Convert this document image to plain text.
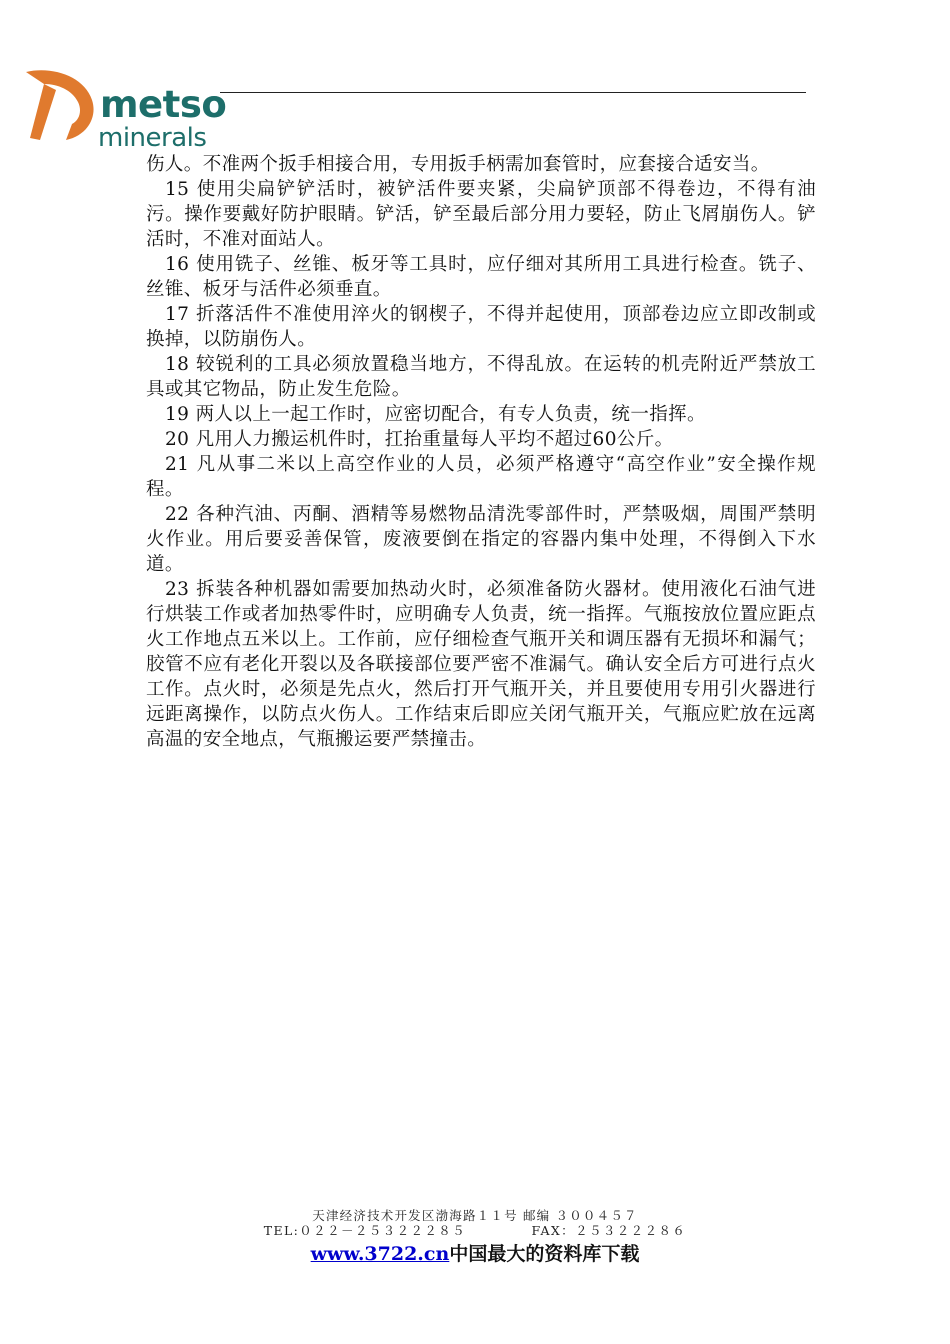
metso
minerals

伤人。不准两个扳手相接合用，专用扳手柄需加套管时，应套接合适安当。

15 使用尖扁铲铲活时，被铲活件要夹紧，尖扁铲顶部不得卷边，不得有油污。操作要戴好防护眼睛。铲活，铲至最后部分用力要轻，防止飞屑崩伤人。铲活时，不准对面站人。

16 使用铣子、丝锥、板牙等工具时，应仔细对其所用工具进行检查。铣子、丝锥、板牙与活件必须垂直。

17 折落活件不准使用淬火的钢楔子，不得并起使用，顶部卷边应立即改制或换掉，以防崩伤人。

18 较锐利的工具必须放置稳当地方，不得乱放。在运转的机壳附近严禁放工具或其它物品，防止发生危险。

19 两人以上一起工作时，应密切配合，有专人负责，统一指挥。

20 凡用人力搬运机件时，扛抬重量每人平均不超过60公斤。

21 凡从事二米以上高空作业的人员，必须严格遵守“高空作业”安全操作规程。

22 各种汽油、丙酮、酒精等易燃物品清洗零部件时，严禁吸烟，周围严禁明火作业。用后要妥善保管，废液要倒在指定的容器内集中处理，不得倒入下水道。

23 拆装各种机器如需要加热动火时，必须准备防火器材。使用液化石油气进行烘装工作或者加热零件时，应明确专人负责，统一指挥。气瓶按放位置应距点火工作地点五米以上。工作前，应仔细检查气瓶开关和调压器有无损坏和漏气；胶管不应有老化开裂以及各联接部位要严密不准漏气。确认安全后方可进行点火工作。点火时，必须是先点火，然后打开气瓶开关，并且要使用专用引火器进行远距离操作，以防点火伤人。工作结束后即应关闭气瓶开关，气瓶应贮放在远离高温的安全地点，气瓶搬运要严禁撞击。

天津经济技术开发区渤海路１１号 邮编 ３００４５７
TEL:０２２－２５３２２２８５	FAX：２５３２２２８６
www.3722.cn中国最大的资料库下载
